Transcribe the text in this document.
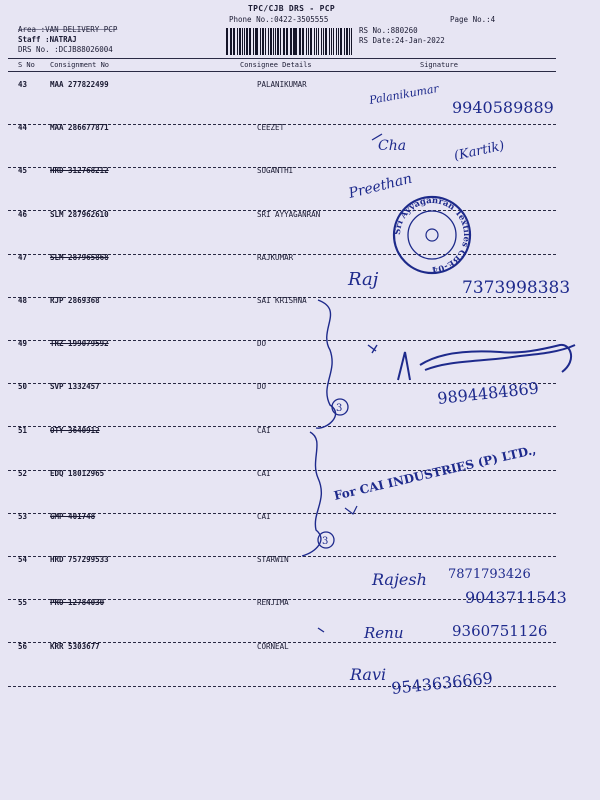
TPC/CJB DRS - PCP
Phone No.:0422-3505555	Page No.:4
Area :VAN DELIVERY PCP
Staff :NATRAJ
DRS No. :DCJB88026004
RS No.:880260
RS Date:24-Jan-2022
S No Consignment No	Consignee Details	Signature
43	MAA 277822499	PALANIKUMAR
44	MAA 286677871	CEEZET
45	HRD 312768212	SUGANTHI
46	SLM 287962610	SRI AYYAGANRAN
47	SLM 287965868	RAJKUMAR
48	RJP 2869368	SAI KRISHNA
49	TRZ 199079592	DO
50	SVP 1332457	DO
51	OTY 3640912	CAI
52	EDQ 18012965	CAI
53	GMP 401748	CAI
54	HRD 757299533	STARWIN
55	PRO 12784030	RENJIMA
56	KRR 5303677	CORNEAL
Palanikumar
9940589889
Cha	(Kartik)
Preethan
Sri Ayyaganran Textiles CBE-04
Raj	7373998383
3
9894484869
3
For CAI INDUSTRIES (P) LTD.,
Rajesh 7871793426
9043711543
Renu	9360751126
Ravi 9543636669
